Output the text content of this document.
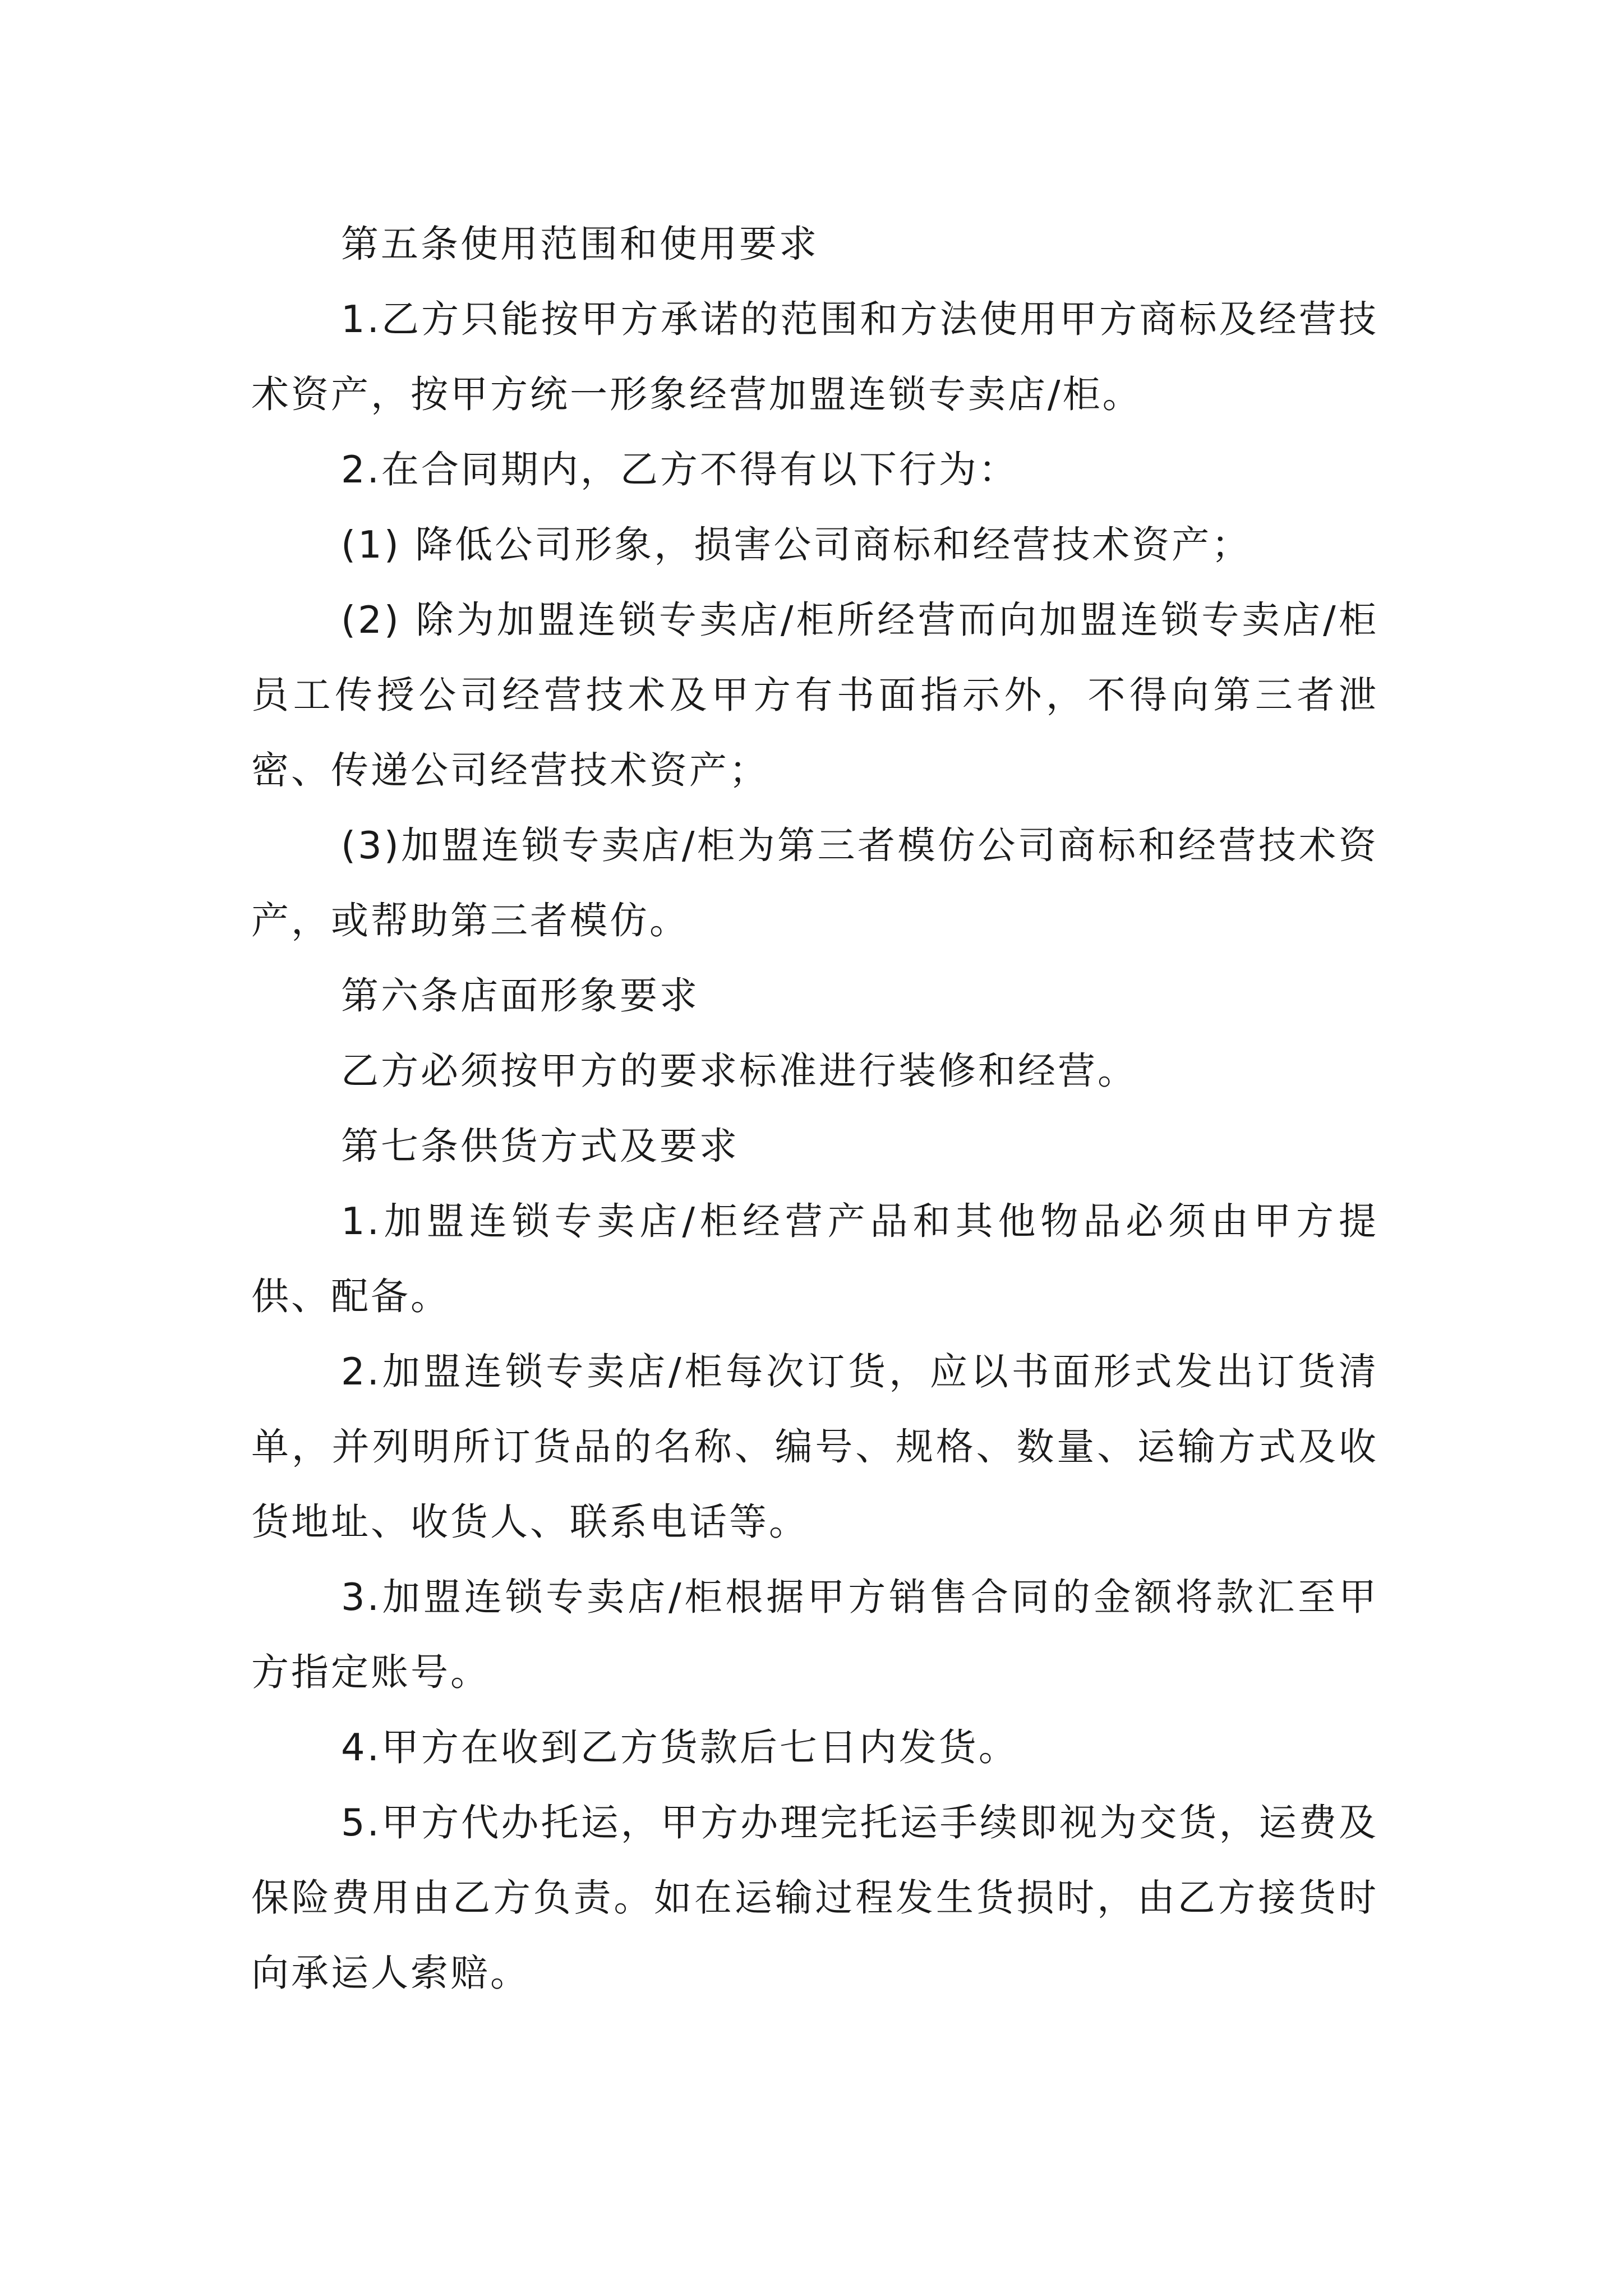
第五条使用范围和使用要求

1.乙方只能按甲方承诺的范围和方法使用甲方商标及经营技术资产，按甲方统一形象经营加盟连锁专卖店/柜。

2.在合同期内，乙方不得有以下行为：

(1) 降低公司形象，损害公司商标和经营技术资产；

(2) 除为加盟连锁专卖店/柜所经营而向加盟连锁专卖店/柜员工传授公司经营技术及甲方有书面指示外，不得向第三者泄密、传递公司经营技术资产；

(3)加盟连锁专卖店/柜为第三者模仿公司商标和经营技术资产，或帮助第三者模仿。

第六条店面形象要求

乙方必须按甲方的要求标准进行装修和经营。

第七条供货方式及要求

1.加盟连锁专卖店/柜经营产品和其他物品必须由甲方提供、配备。

2.加盟连锁专卖店/柜每次订货，应以书面形式发出订货清单，并列明所订货品的名称、编号、规格、数量、运输方式及收货地址、收货人、联系电话等。

3.加盟连锁专卖店/柜根据甲方销售合同的金额将款汇至甲方指定账号。

4.甲方在收到乙方货款后七日内发货。

5.甲方代办托运，甲方办理完托运手续即视为交货，运费及保险费用由乙方负责。如在运输过程发生货损时，由乙方接货时向承运人索赔。
